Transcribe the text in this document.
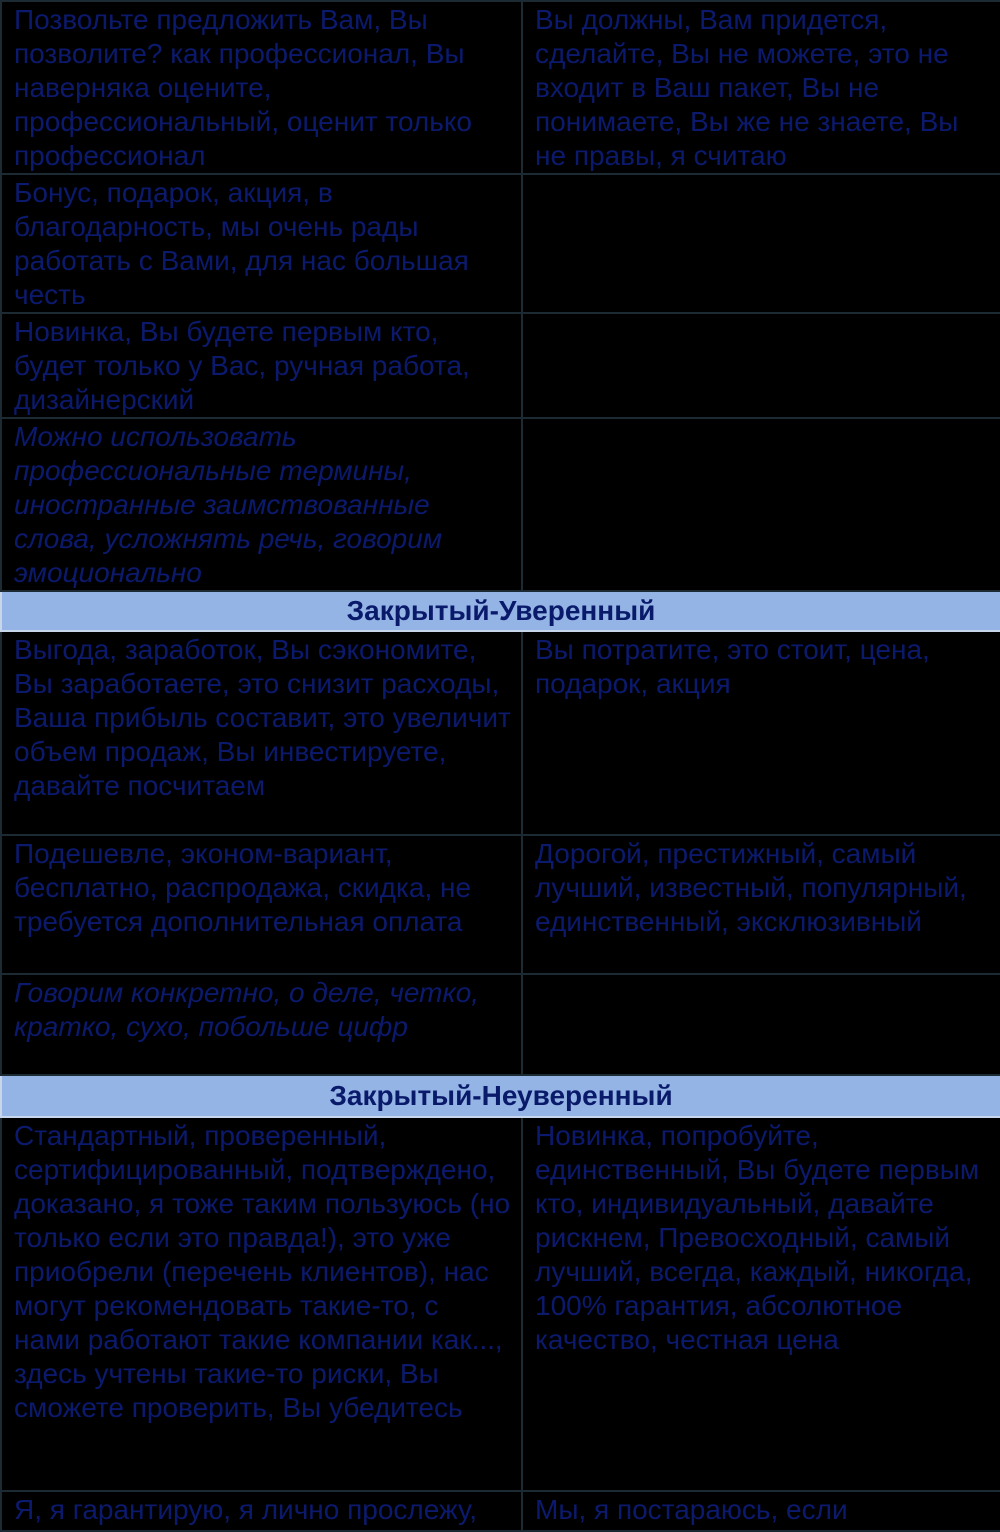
Позвольте предложить Вам, Вы позволите? как профессионал, Вы наверняка оцените, профессиональный, оценит только профессионал	Вы должны, Вам придется, сделайте, Вы не можете, это не входит в Ваш пакет, Вы не понимаете, Вы же не знаете, Вы не правы, я считаю
Бонус, подарок, акция, в благодарность, мы очень рады работать с Вами, для нас большая честь	
Новинка, Вы будете первым кто, будет только у Вас, ручная работа, дизайнерский	
Можно использовать профессиональные термины, иностранные заимствованные слова, усложнять речь, говорим эмоционально	
Закрытый-Уверенный	
Выгода, заработок, Вы сэкономите, Вы заработаете, это снизит расходы, Ваша прибыль составит, это увеличит объем продаж, Вы инвестируете, давайте посчитаем	Вы потратите, это стоит, цена, подарок, акция
Подешевле, эконом-вариант, бесплатно, распродажа, скидка, не требуется дополнительная оплата	Дорогой, престижный, самый лучший, известный, популярный, единственный, эксклюзивный
Говорим конкретно, о деле, четко, кратко, сухо, побольше цифр	
Закрытый-Неуверенный	
Стандартный, проверенный, сертифицированный, подтверждено, доказано, я тоже таким пользуюсь (но только если это правда!), это уже приобрели (перечень клиентов), нас могут рекомендовать такие-то, с нами работают такие компании как..., здесь учтены такие-то риски, Вы сможете проверить, Вы убедитесь	Новинка, попробуйте, единственный, Вы будете первым кто, индивидуальный, давайте рискнем, Превосходный, самый лучший, всегда, каждый, никогда, 100% гарантия, абсолютное качество, честная цена
Я, я гарантирую, я лично прослежу,	Мы, я постараюсь, если
